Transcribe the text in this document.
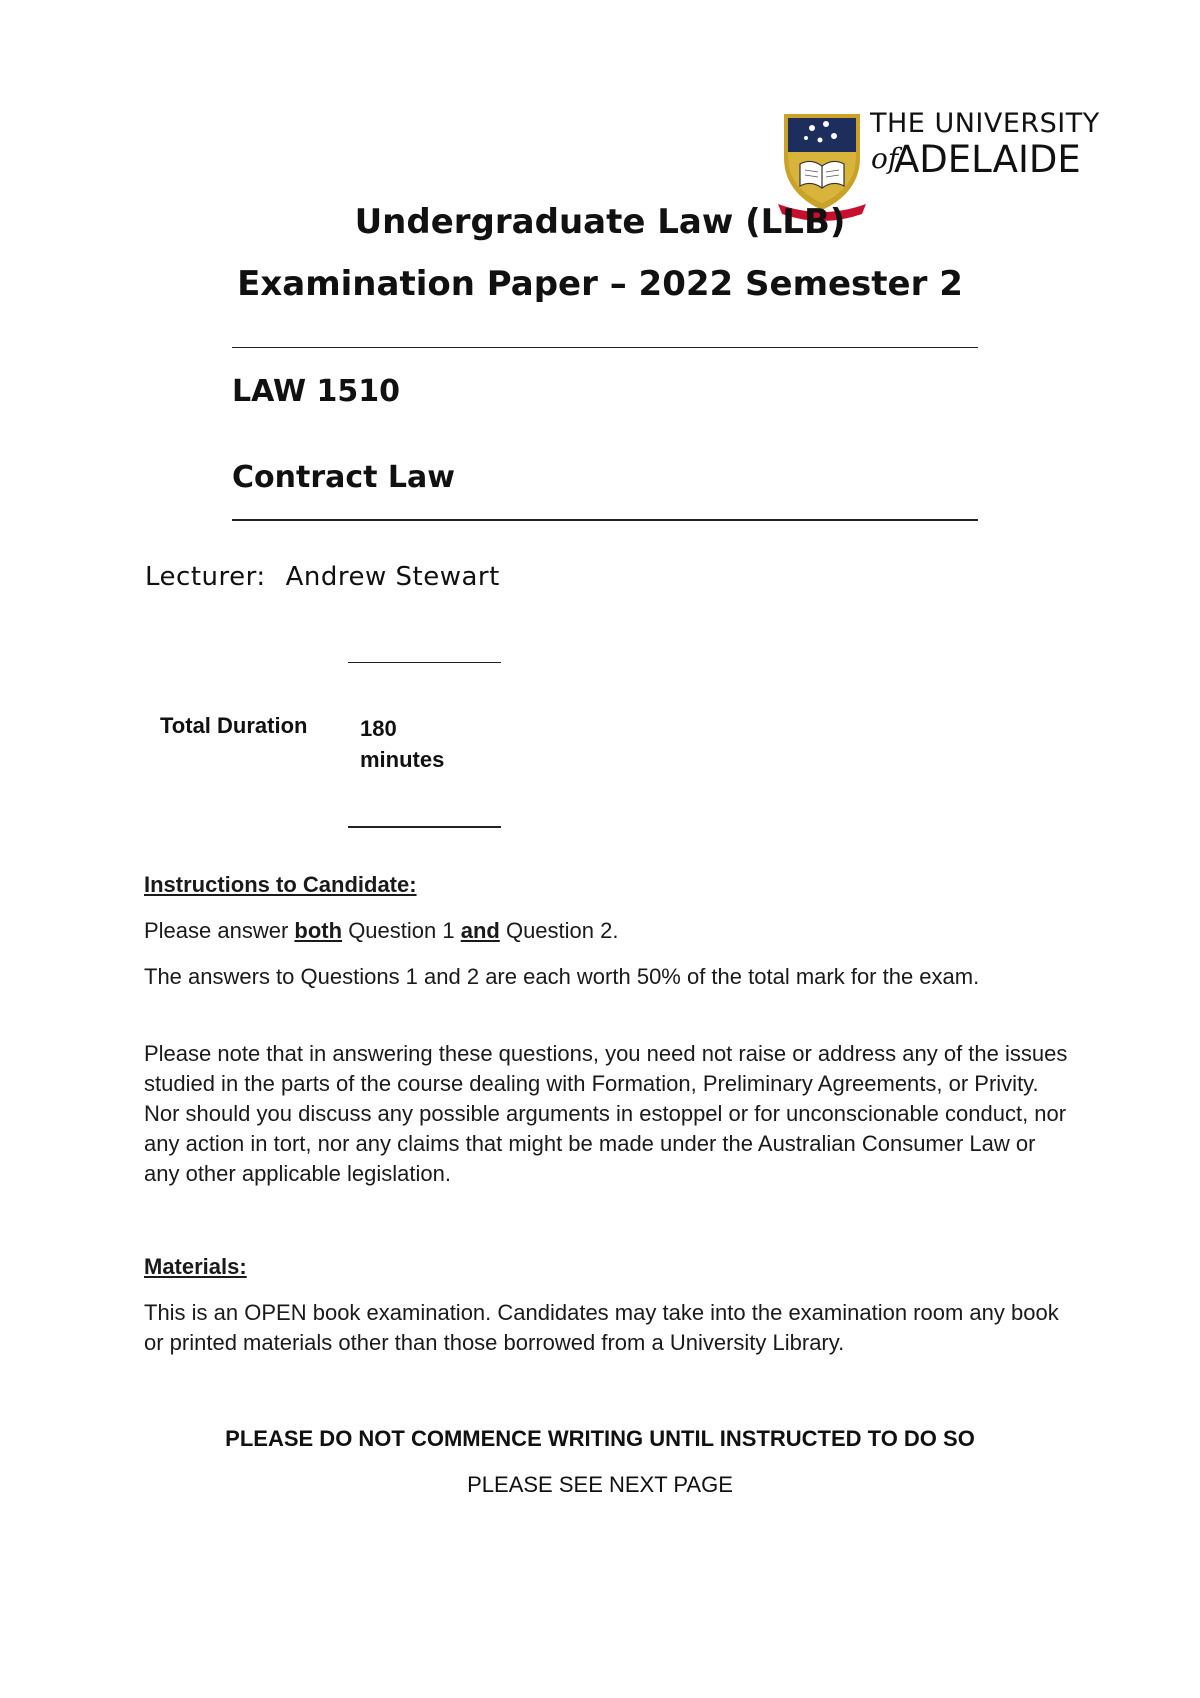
THE UNIVERSITY
of
ADELAIDE
Undergraduate Law (LLB)
Examination Paper – 2022 Semester 2
LAW 1510
Contract Law
Lecturer: Andrew Stewart
Total Duration 180
minutes
Instructions to Candidate:
Please answer both Question 1 and Question 2.
The answers to Questions 1 and 2 are each worth 50% of the total mark for the exam.
Please note that in answering these questions, you need not raise or address any of the issues studied in the parts of the course dealing with Formation, Preliminary Agreements, or Privity. Nor should you discuss any possible arguments in estoppel or for unconscionable conduct, nor any action in tort, nor any claims that might be made under the Australian Consumer Law or any other applicable legislation.
Materials:
This is an OPEN book examination. Candidates may take into the examination room any book or printed materials other than those borrowed from a University Library.
PLEASE DO NOT COMMENCE WRITING UNTIL INSTRUCTED TO DO SO
PLEASE SEE NEXT PAGE
